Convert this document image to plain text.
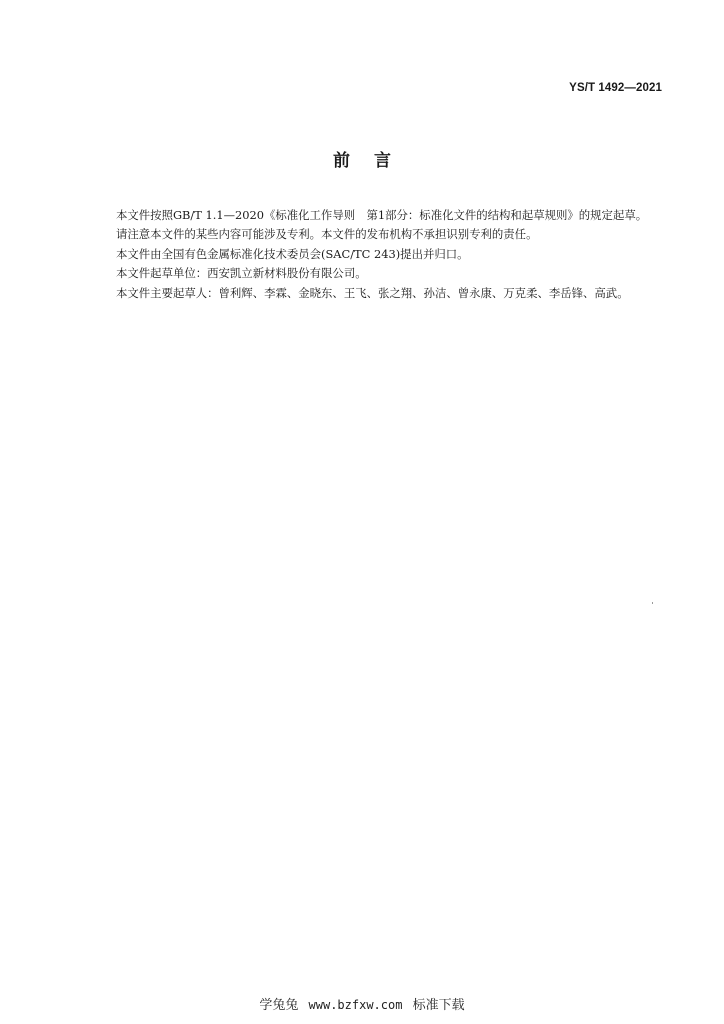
YS/T 1492—2021
前言

本文件按照GB/T 1.1—2020《标准化工作导则　第1部分：标准化文件的结构和起草规则》的规定起草。

请注意本文件的某些内容可能涉及专利。本文件的发布机构不承担识别专利的责任。

本文件由全国有色金属标准化技术委员会(SAC/TC 243)提出并归口。

本文件起草单位：西安凯立新材料股份有限公司。

本文件主要起草人：曾利辉、李霖、金晓东、王飞、张之翔、孙洁、曾永康、万克柔、李岳锋、高武。

学兔兔 www.bzfxw.com 标准下载
